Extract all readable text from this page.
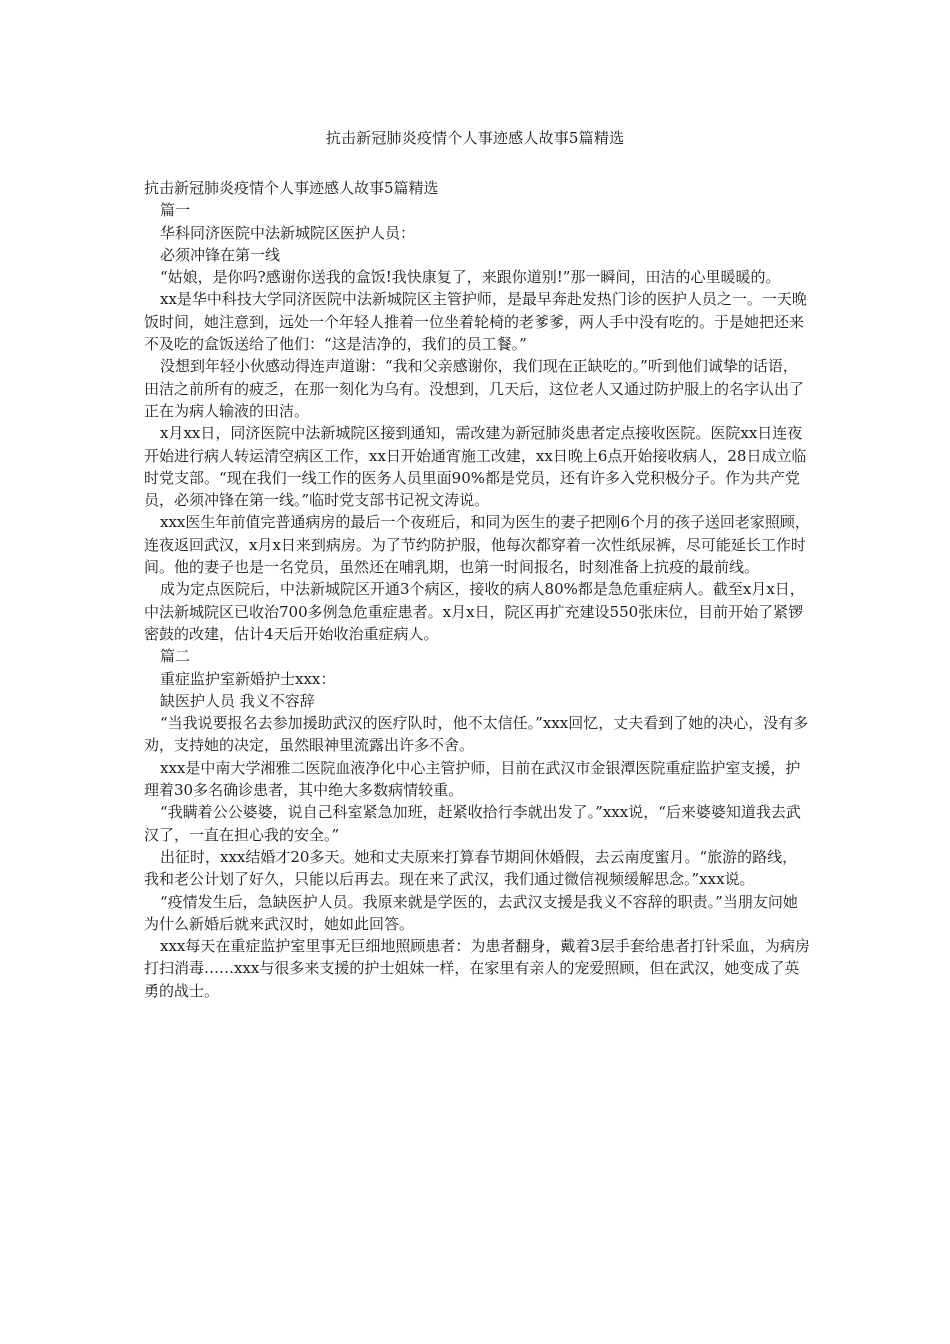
抗击新冠肺炎疫情个人事迹感人故事5篇精选

抗击新冠肺炎疫情个人事迹感人故事5篇精选

篇一

华科同济医院中法新城院区医护人员：

必须冲锋在第一线

“姑娘，是你吗?感谢你送我的盒饭!我快康复了，来跟你道别!”那一瞬间，田洁的心里暖暖的。

xx是华中科技大学同济医院中法新城院区主管护师，是最早奔赴发热门诊的医护人员之一。一天晚饭时间，她注意到，远处一个年轻人推着一位坐着轮椅的老爹爹，两人手中没有吃的。于是她把还来不及吃的盒饭送给了他们：“这是洁净的，我们的员工餐。”

没想到年轻小伙感动得连声道谢：“我和父亲感谢你，我们现在正缺吃的。”听到他们诚挚的话语，田洁之前所有的疲乏，在那一刻化为乌有。没想到，几天后，这位老人又通过防护服上的名字认出了正在为病人输液的田洁。

x月xx日，同济医院中法新城院区接到通知，需改建为新冠肺炎患者定点接收医院。医院xx日连夜开始进行病人转运清空病区工作，xx日开始通宵施工改建，xx日晚上6点开始接收病人，28日成立临时党支部。“现在我们一线工作的医务人员里面90%都是党员，还有许多入党积极分子。作为共产党员，必须冲锋在第一线。”临时党支部书记祝文涛说。

xxx医生年前值完普通病房的最后一个夜班后，和同为医生的妻子把刚6个月的孩子送回老家照顾，连夜返回武汉，x月x日来到病房。为了节约防护服，他每次都穿着一次性纸尿裤，尽可能延长工作时间。他的妻子也是一名党员，虽然还在哺乳期，也第一时间报名，时刻准备上抗疫的最前线。

成为定点医院后，中法新城院区开通3个病区，接收的病人80%都是急危重症病人。截至x月x日，中法新城院区已收治700多例急危重症患者。x月x日，院区再扩充建设550张床位，目前开始了紧锣密鼓的改建，估计4天后开始收治重症病人。

篇二

重症监护室新婚护士xxx：

缺医护人员 我义不容辞

“当我说要报名去参加援助武汉的医疗队时，他不太信任。”xxx回忆，丈夫看到了她的决心，没有多劝，支持她的决定，虽然眼神里流露出许多不舍。

xxx是中南大学湘雅二医院血液净化中心主管护师，目前在武汉市金银潭医院重症监护室支援，护理着30多名确诊患者，其中绝大多数病情较重。

“我瞒着公公婆婆，说自己科室紧急加班，赶紧收拾行李就出发了。”xxx说，“后来婆婆知道我去武汉了，一直在担心我的安全。”

出征时，xxx结婚才20多天。她和丈夫原来打算春节期间休婚假，去云南度蜜月。“旅游的路线，我和老公计划了好久，只能以后再去。现在来了武汉，我们通过微信视频缓解思念。”xxx说。

“疫情发生后，急缺医护人员。我原来就是学医的，去武汉支援是我义不容辞的职责。”当朋友问她为什么新婚后就来武汉时，她如此回答。

xxx每天在重症监护室里事无巨细地照顾患者：为患者翻身，戴着3层手套给患者打针采血，为病房打扫消毒……xxx与很多来支援的护士姐妹一样，在家里有亲人的宠爱照顾，但在武汉，她变成了英勇的战士。
